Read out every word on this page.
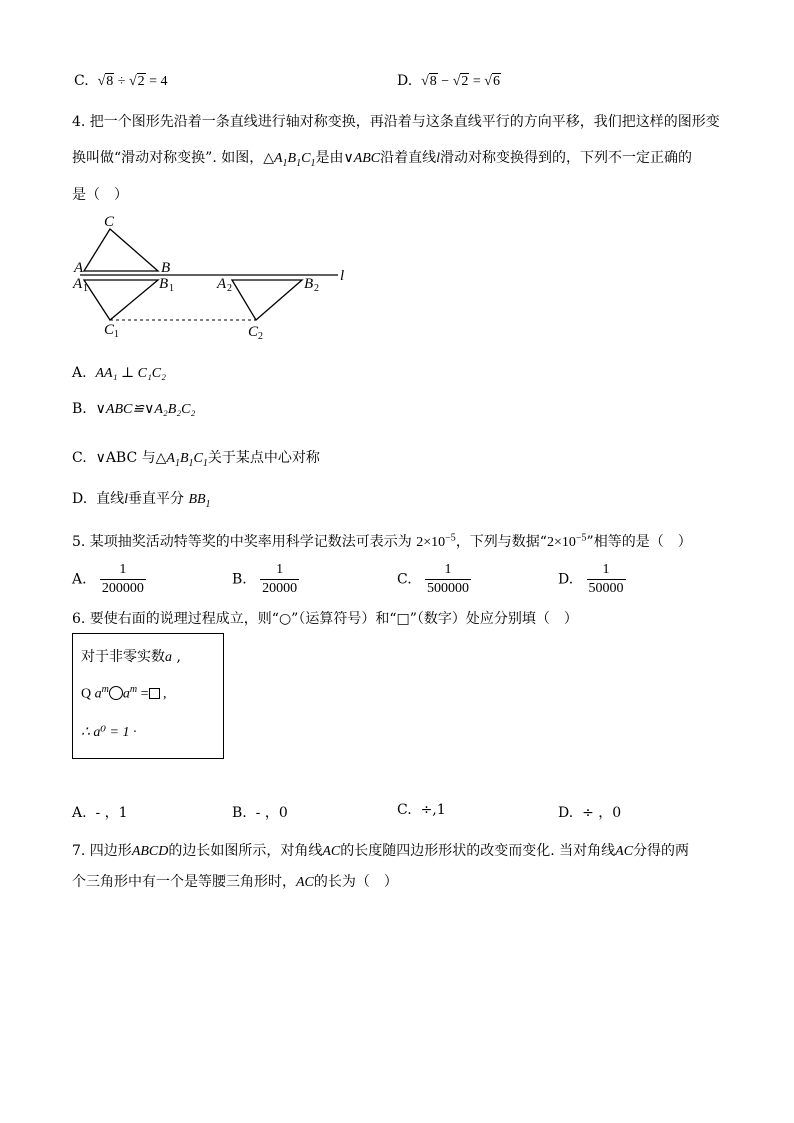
C. √8 ÷ √2 = 4	D. √8 − √2 = √6
4. 把一个图形先沿着一条直线进行轴对称变换，再沿着与这条直线平行的方向平移，我们把这样的图形变
换叫做“滑动对称变换”. 如图，$\triangle A_1B_1C_1$是由∨ABC沿着直线l滑动对称变换得到的，下列不一定正确的
是（　）
C
A	B	l
A 1	B 1
C 1
A 2	B 2
C 2
A. AA₁ ⊥ C₁C₂
B. ∨ABC≌∨A₂B₂C₂
C. ∨ABC 与$\triangle A_1B_1C_1$关于某点中心对称
D. 直线l垂直平分 $BB_1$
5. 某项抽奖活动特等奖的中奖率用科学记数法可表示为 $2\times 10^{-5}$，下列与数据“$2\times 10^{-5}$”相等的是（　）
A. $\frac{1}{200000}$	B. $\frac{1}{20000}$	C. $\frac{1}{500000}$	D. $\frac{1}{50000}$
6. 要使右面的说理过程成立，则“○”（运算符号）和“□”（数字）处应分别填（　）
对于非零实数a ,
Q $a^m$ $a^m$ = ,
∴ a⁰ = 1 ·
A. - ，1	B. - ，0	C. ÷,1	D. ÷ ，0
7. 四边形ABCD的边长如图所示，对角线AC的长度随四边形形状的改变而变化. 当对角线AC分得的两
个三角形中有一个是等腰三角形时，AC的长为（　）
